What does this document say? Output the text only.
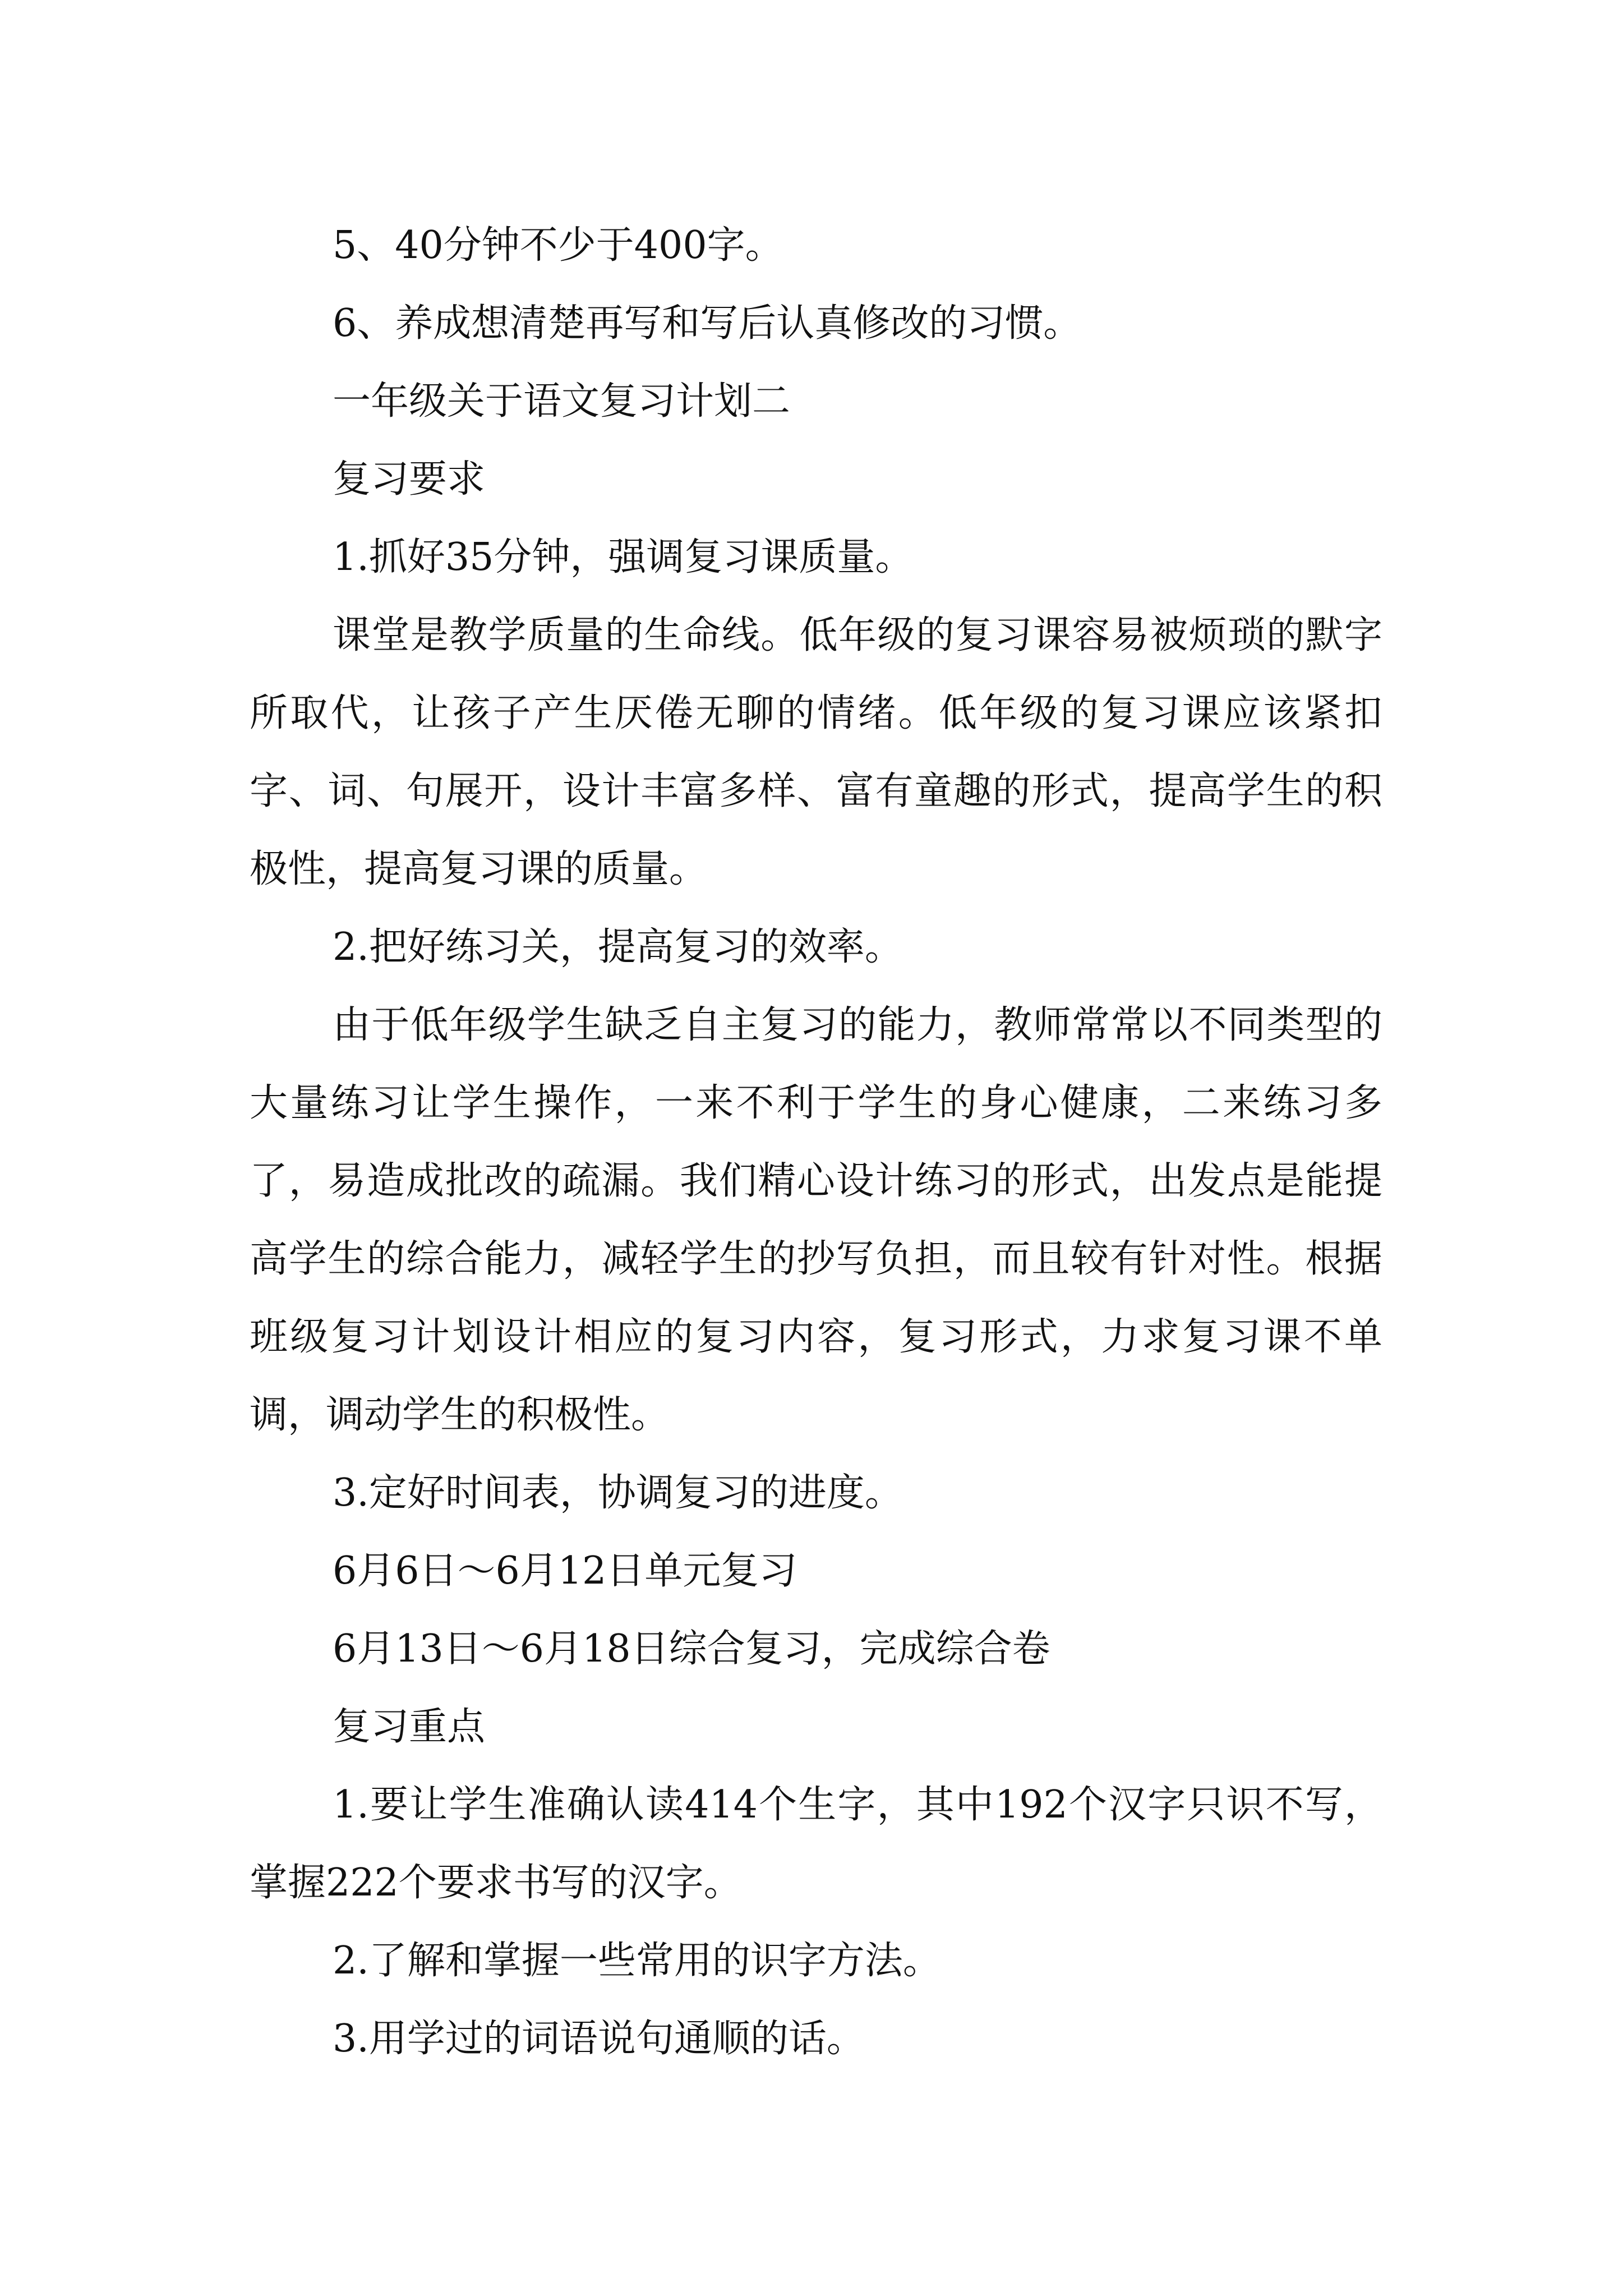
5、40分钟不少于400字。

6、养成想清楚再写和写后认真修改的习惯。

一年级关于语文复习计划二

复习要求

1.抓好35分钟，强调复习课质量。

课堂是教学质量的生命线。低年级的复习课容易被烦琐的默字所取代，让孩子产生厌倦无聊的情绪。低年级的复习课应该紧扣字、词、句展开，设计丰富多样、富有童趣的形式，提高学生的积极性，提高复习课的质量。

2.把好练习关，提高复习的效率。

由于低年级学生缺乏自主复习的能力，教师常常以不同类型的大量练习让学生操作，一来不利于学生的身心健康，二来练习多了，易造成批改的疏漏。我们精心设计练习的形式，出发点是能提高学生的综合能力，减轻学生的抄写负担，而且较有针对性。根据班级复习计划设计相应的复习内容，复习形式，力求复习课不单调，调动学生的积极性。

3.定好时间表，协调复习的进度。

6月6日～6月12日单元复习

6月13日～6月18日综合复习，完成综合卷

复习重点

1.要让学生准确认读414个生字，其中192个汉字只识不写，掌握222个要求书写的汉字。

2.了解和掌握一些常用的识字方法。

3.用学过的词语说句通顺的话。
